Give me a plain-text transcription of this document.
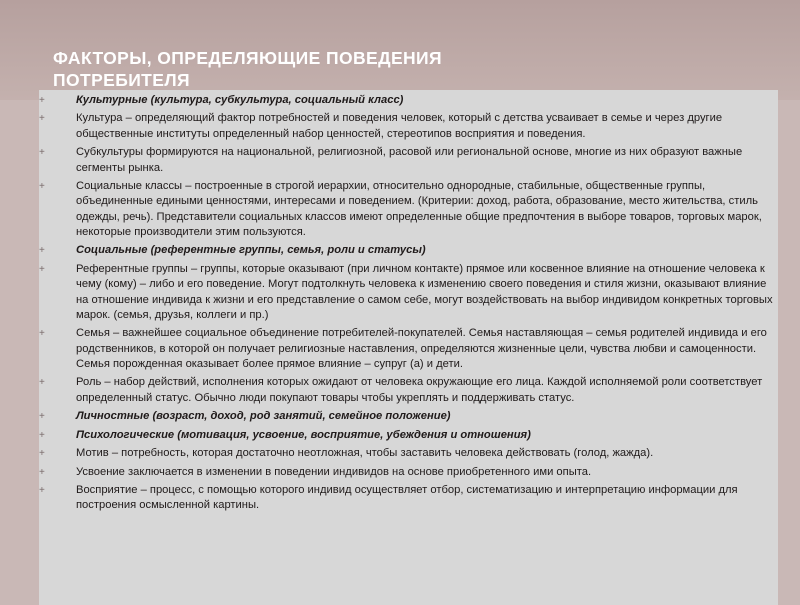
ФАКТОРЫ, ОПРЕДЕЛЯЮЩИЕ ПОВЕДЕНИЯ
ПОТРЕБИТЕЛЯ
+	Культурные (культура, субкультура, социальный класс)
+	Культура – определяющий фактор потребностей и поведения человек, который с детства усваивает в семье и через другие общественные институты определенный набор ценностей, стереотипов восприятия и поведения.
+	Субкультуры формируются на национальной, религиозной, расовой или региональной основе, многие из них образуют важные сегменты рынка.
+	Социальные классы – построенные в строгой иерархии, относительно однородные, стабильные, общественные группы, объединенные едиными ценностями, интересами и поведением. (Критерии: доход, работа, образование, место жительства, стиль одежды, речь). Представители социальных классов имеют определенные общие предпочтения в выборе товаров, торговых марок, некоторые производители этим пользуются.
+	Социальные (референтные группы, семья, роли и статусы)
+	Референтные группы – группы, которые оказывают (при личном контакте) прямое или косвенное влияние на отношение человека к чему (кому) – либо и его поведение. Могут подтолкнуть человека к изменению своего поведения и стиля жизни, оказывают влияние на отношение индивида к жизни и его представление о самом себе, могут воздействовать на выбор индивидом конкретных торговых марок. (семья, друзья, коллеги и пр.)
+	Семья – важнейшее социальное объединение потребителей-покупателей. Семья наставляющая – семья родителей индивида и его родственников, в которой он получает религиозные наставления, определяются жизненные цели, чувства любви и самоценности. Семья порожденная оказывает более прямое влияние – супруг (а) и дети.
+	Роль – набор действий, исполнения которых ожидают от человека окружающие его лица. Каждой исполняемой роли соответствует определенный статус. Обычно люди покупают товары чтобы укреплять и поддерживать статус.
+	Личностные (возраст, доход, род занятий, семейное положение)
+	Психологические (мотивация, усвоение, восприятие, убеждения и отношения)
+	Мотив – потребность, которая достаточно неотложная, чтобы заставить человека действовать (голод, жажда).
+	Усвоение заключается в изменении в поведении индивидов на основе приобретенного ими опыта.
+	Восприятие – процесс, с помощью которого индивид осуществляет отбор, систематизацию и интерпретацию информации для построения осмысленной картины.
